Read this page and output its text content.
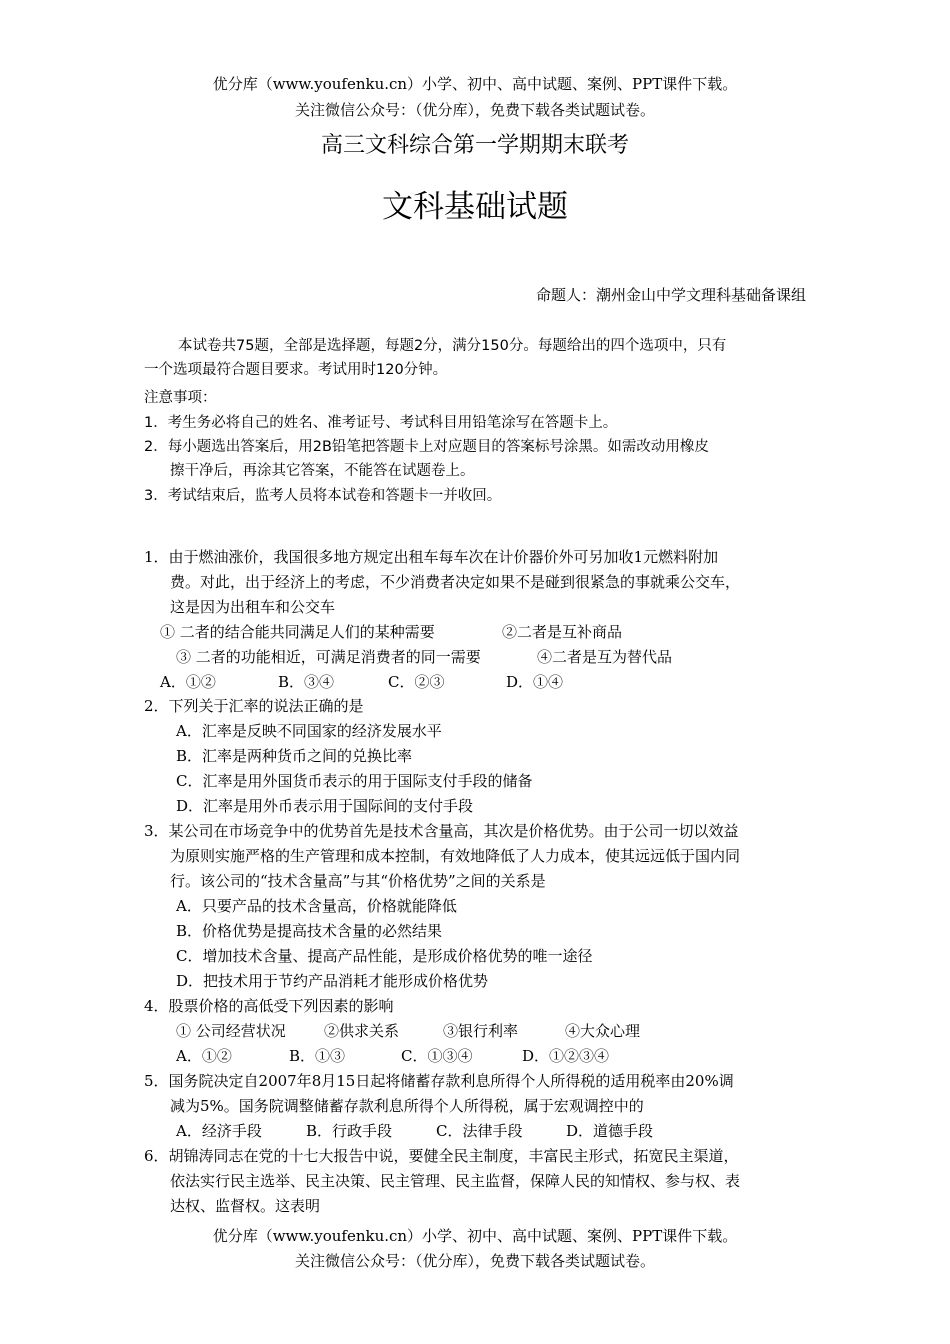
优分库（www.youfenku.cn）小学、初中、高中试题、案例、PPT课件下载。
关注微信公众号：（优分库），免费下载各类试题试卷。
高三文科综合第一学期期末联考
文科基础试题
命题人：潮州金山中学文理科基础备课组
本试卷共75题，全部是选择题，每题2分，满分150分。每题给出的四个选项中，只有
一个选项最符合题目要求。考试用时120分钟。
注意事项：
1．考生务必将自己的姓名、准考证号、考试科目用铅笔涂写在答题卡上。
2．每小题选出答案后，用2B铅笔把答题卡上对应题目的答案标号涂黑。如需改动用橡皮
擦干净后，再涂其它答案，不能答在试题卷上。
3．考试结束后，监考人员将本试卷和答题卡一并收回。
1．由于燃油涨价，我国很多地方规定出租车每车次在计价器价外可另加收1元燃料附加
费。对此，出于经济上的考虑，不少消费者决定如果不是碰到很紧急的事就乘公交车，
这是因为出租车和公交车
① 二者的结合能共同满足人们的某种需要	②二者是互补商品
③ 二者的功能相近，可满足消费者的同一需要	④二者是互为替代品
A．①②	B．③④	C．②③	D．①④
2．下列关于汇率的说法正确的是
A．汇率是反映不同国家的经济发展水平
B．汇率是两种货币之间的兑换比率
C．汇率是用外国货币表示的用于国际支付手段的储备
D．汇率是用外币表示用于国际间的支付手段
3．某公司在市场竞争中的优势首先是技术含量高，其次是价格优势。由于公司一切以效益
为原则实施严格的生产管理和成本控制，有效地降低了人力成本，使其远远低于国内同
行。该公司的“技术含量高”与其“价格优势”之间的关系是
A．只要产品的技术含量高，价格就能降低
B．价格优势是提高技术含量的必然结果
C．增加技术含量、提高产品性能，是形成价格优势的唯一途径
D．把技术用于节约产品消耗才能形成价格优势
4．股票价格的高低受下列因素的影响
① 公司经营状况	②供求关系	③银行利率	④大众心理
A．①②	B．①③	C．①③④	D．①②③④
5．国务院决定自2007年8月15日起将储蓄存款利息所得个人所得税的适用税率由20%调
减为5%。国务院调整储蓄存款利息所得个人所得税，属于宏观调控中的
A．经济手段	B．行政手段	C．法律手段	D．道德手段
6．胡锦涛同志在党的十七大报告中说，要健全民主制度，丰富民主形式，拓宽民主渠道，
依法实行民主选举、民主决策、民主管理、民主监督，保障人民的知情权、参与权、表
达权、监督权。这表明
优分库（www.youfenku.cn）小学、初中、高中试题、案例、PPT课件下载。
关注微信公众号：（优分库），免费下载各类试题试卷。
